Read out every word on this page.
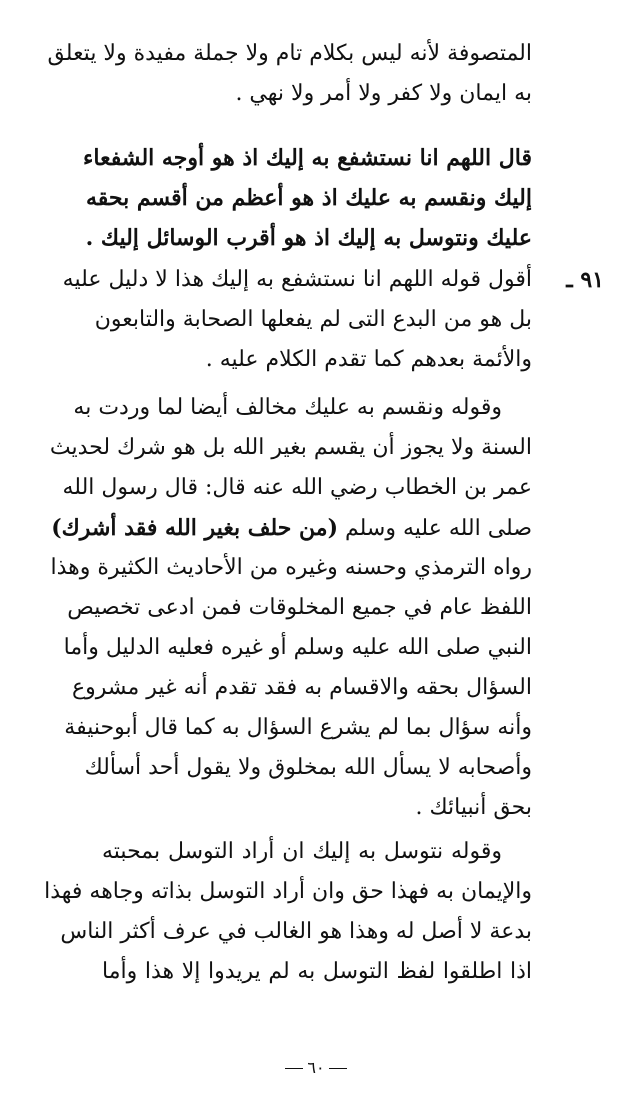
المتصوفة لأنه ليس بكلام تام ولا جملة مفيدة ولا يتعلق
به ايمان ولا كفر ولا أمر ولا نهي .
قال اللهم انا نستشفع به إليك اذ هو أوجه الشفعاء
إليك ونقسم به عليك اذ هو أعظم من أقسم بحقه
عليك ونتوسل به إليك اذ هو أقرب الوسائل إليك .
٩١ ـ
أقول قوله اللهم انا نستشفع به إليك هذا لا دليل عليه
بل هو من البدع التى لم يفعلها الصحابة والتابعون
والأئمة بعدهم كما تقدم الكلام عليه .
وقوله ونقسم به عليك مخالف أيضا لما وردت به
السنة ولا يجوز أن يقسم بغير الله بل هو شرك لحديث
عمر بن الخطاب رضي الله عنه قال: قال رسول الله
صلى الله عليه وسلم (من حلف بغير الله فقد أشرك)
رواه الترمذي وحسنه وغيره من الأحاديث الكثيرة وهذا
اللفظ عام في جميع المخلوقات فمن ادعى تخصيص
النبي صلى الله عليه وسلم أو غيره فعليه الدليل وأما
السؤال بحقه والاقسام به فقد تقدم أنه غير مشروع
وأنه سؤال بما لم يشرع السؤال به كما قال أبوحنيفة
وأصحابه لا يسأل الله بمخلوق ولا يقول أحد أسألك
بحق أنبيائك .
وقوله نتوسل به إليك ان أراد التوسل بمحبته
والإيمان به فهذا حق وان أراد التوسل بذاته وجاهه فهذا
بدعة لا أصل له وهذا هو الغالب في عرف أكثر الناس
اذا اطلقوا لفظ التوسل به لم يريدوا إلا هذا وأما
٦٠
